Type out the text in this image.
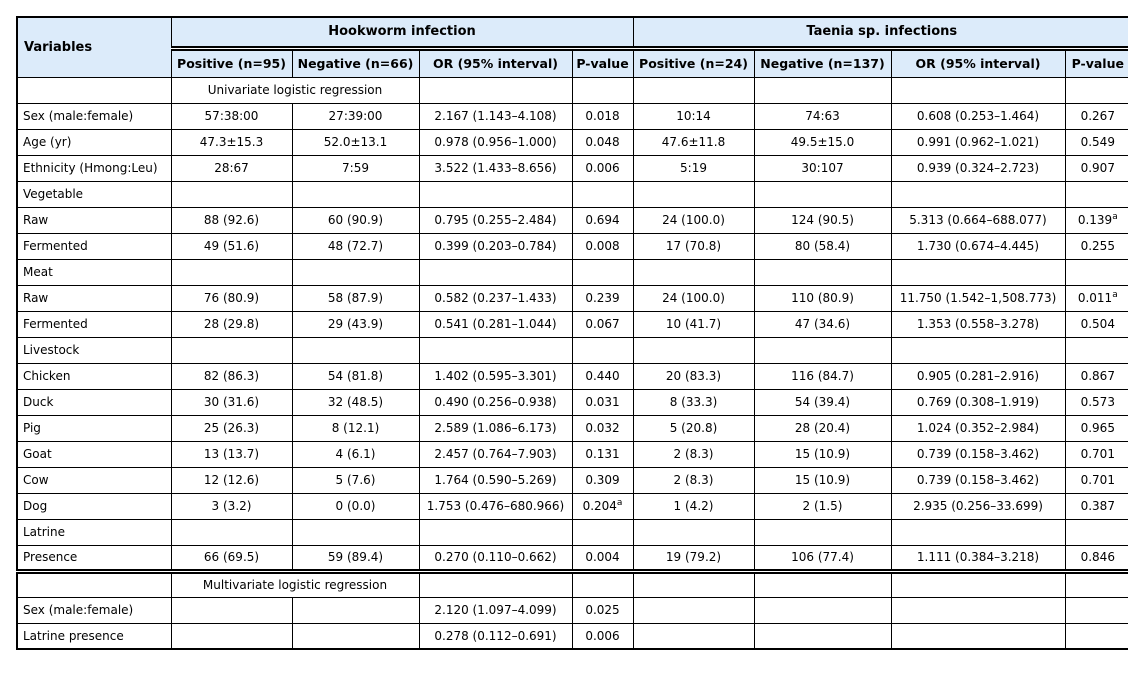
Variables	Hookworm infection				Taenia sp. infections			
	Positive (n=95)	Negative (n=66)	OR (95% interval)	P-value	Positive (n=24)	Negative (n=137)	OR (95% interval)	P-value
	Univariate logistic regression							
Sex (male:female)	57:38:00	27:39:00	2.167 (1.143–4.108)	0.018	10:14	74:63	0.608 (0.253–1.464)	0.267
Age (yr)	47.3±15.3	52.0±13.1	0.978 (0.956–1.000)	0.048	47.6±11.8	49.5±15.0	0.991 (0.962–1.021)	0.549
Ethnicity (Hmong:Leu)	28:67	7:59	3.522 (1.433–8.656)	0.006	5:19	30:107	0.939 (0.324–2.723)	0.907
Vegetable								
Raw	88 (92.6)	60 (90.9)	0.795 (0.255–2.484)	0.694	24 (100.0)	124 (90.5)	5.313 (0.664–688.077)	0.139$^a$
Fermented	49 (51.6)	48 (72.7)	0.399 (0.203–0.784)	0.008	17 (70.8)	80 (58.4)	1.730 (0.674–4.445)	0.255
Meat								
Raw	76 (80.9)	58 (87.9)	0.582 (0.237–1.433)	0.239	24 (100.0)	110 (80.9)	11.750 (1.542–1,508.773)	0.011$^a$
Fermented	28 (29.8)	29 (43.9)	0.541 (0.281–1.044)	0.067	10 (41.7)	47 (34.6)	1.353 (0.558–3.278)	0.504
Livestock								
Chicken	82 (86.3)	54 (81.8)	1.402 (0.595–3.301)	0.440	20 (83.3)	116 (84.7)	0.905 (0.281–2.916)	0.867
Duck	30 (31.6)	32 (48.5)	0.490 (0.256–0.938)	0.031	8 (33.3)	54 (39.4)	0.769 (0.308–1.919)	0.573
Pig	25 (26.3)	8 (12.1)	2.589 (1.086–6.173)	0.032	5 (20.8)	28 (20.4)	1.024 (0.352–2.984)	0.965
Goat	13 (13.7)	4 (6.1)	2.457 (0.764–7.903)	0.131	2 (8.3)	15 (10.9)	0.739 (0.158–3.462)	0.701
Cow	12 (12.6)	5 (7.6)	1.764 (0.590–5.269)	0.309	2 (8.3)	15 (10.9)	0.739 (0.158–3.462)	0.701
Dog	3 (3.2)	0 (0.0)	1.753 (0.476–680.966)	0.204$^a$	1 (4.2)	2 (1.5)	2.935 (0.256–33.699)	0.387
Latrine								
Presence	66 (69.5)	59 (89.4)	0.270 (0.110–0.662)	0.004	19 (79.2)	106 (77.4)	1.111 (0.384–3.218)	0.846
	Multivariate logistic regression							
Sex (male:female)			2.120 (1.097–4.099)	0.025				
Latrine presence			0.278 (0.112–0.691)	0.006				
